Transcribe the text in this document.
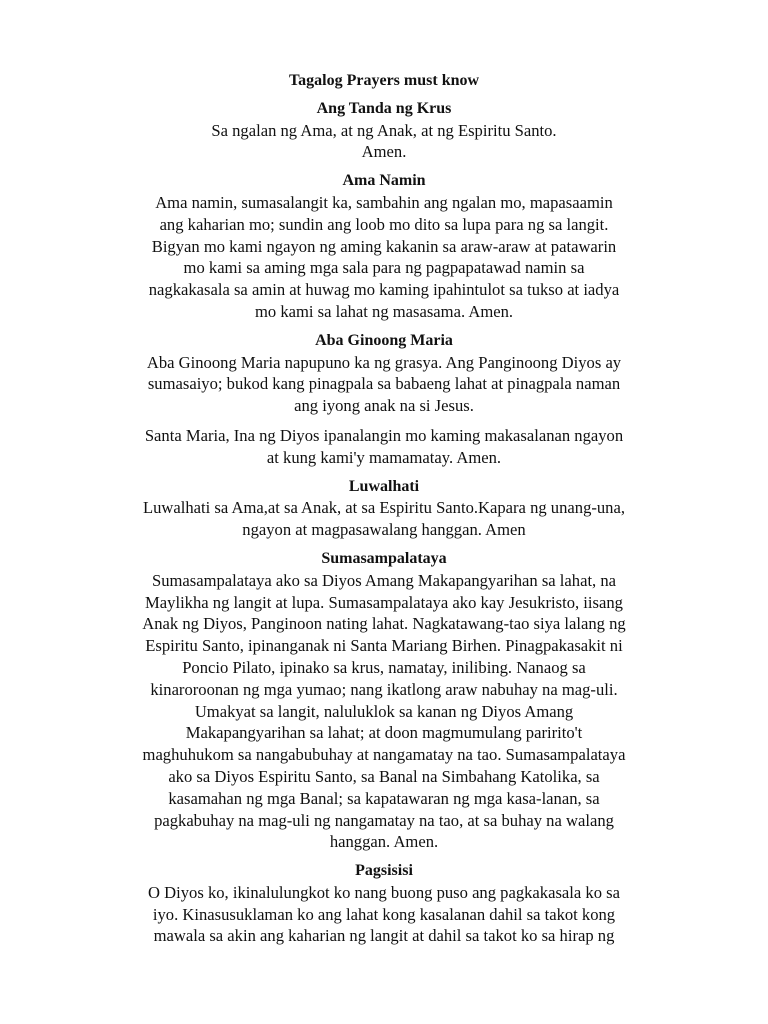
Tagalog Prayers must know
Ang Tanda ng Krus

Sa ngalan ng Ama, at ng Anak, at ng Espiritu Santo.
Amen.

Ama Namin

Ama namin, sumasalangit ka, sambahin ang ngalan mo, mapasaamin
ang kaharian mo; sundin ang loob mo dito sa lupa para ng sa langit.
Bigyan mo kami ngayon ng aming kakanin sa araw-araw at patawarin
mo kami sa aming mga sala para ng pagpapatawad namin sa
nagkakasala sa amin at huwag mo kaming ipahintulot sa tukso at iadya
mo kami sa lahat ng masasama. Amen.

Aba Ginoong Maria

Aba Ginoong Maria napupuno ka ng grasya. Ang Panginoong Diyos ay
sumasaiyo; bukod kang pinagpala sa babaeng lahat at pinagpala naman
ang iyong anak na si Jesus.

Santa Maria, Ina ng Diyos ipanalangin mo kaming makasalanan ngayon
at kung kami'y mamamatay. Amen.

Luwalhati

Luwalhati sa Ama,at sa Anak, at sa Espiritu Santo.Kapara ng unang-una,
ngayon at magpasawalang hanggan. Amen

Sumasampalataya

Sumasampalataya ako sa Diyos Amang Makapangyarihan sa lahat, na
Maylikha ng langit at lupa. Sumasampalataya ako kay Jesukristo, iisang
Anak ng Diyos, Panginoon nating lahat. Nagkatawang-tao siya lalang ng
Espiritu Santo, ipinanganak ni Santa Mariang Birhen. Pinagpakasakit ni
Poncio Pilato, ipinako sa krus, namatay, inilibing. Nanaog sa
kinaroroonan ng mga yumao; nang ikatlong araw nabuhay na mag-uli.
Umakyat sa langit, naluluklok sa kanan ng Diyos Amang
Makapangyarihan sa lahat; at doon magmumulang paririto't
maghuhukom sa nangabubuhay at nangamatay na tao. Sumasampalataya
ako sa Diyos Espiritu Santo, sa Banal na Simbahang Katolika, sa
kasamahan ng mga Banal; sa kapatawaran ng mga kasa-lanan, sa
pagkabuhay na mag-uli ng nangamatay na tao, at sa buhay na walang
hanggan. Amen.

Pagsisisi

O Diyos ko, ikinalulungkot ko nang buong puso ang pagkakasala ko sa
iyo. Kinasusuklaman ko ang lahat kong kasalanan dahil sa takot kong
mawala sa akin ang kaharian ng langit at dahil sa takot ko sa hirap ng
